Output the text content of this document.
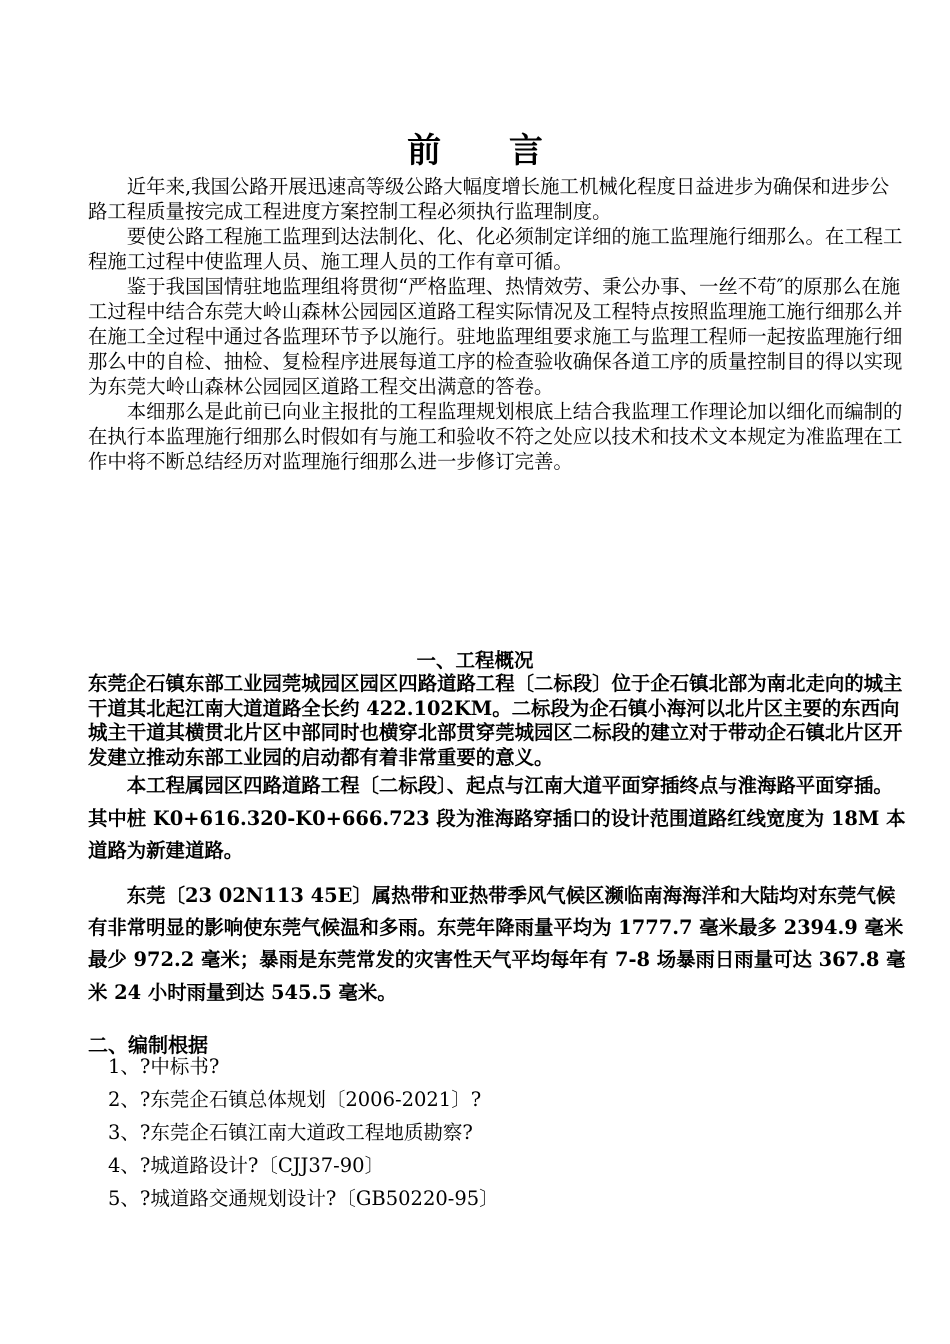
前 言

近年来,我国公路开展迅速高等级公路大幅度增长施工机械化程度日益进步为确保和进步公路工程质量按完成工程进度方案控制工程必须执行监理制度。

要使公路工程施工监理到达法制化、化、化必须制定详细的施工监理施行细那么。在工程工程施工过程中使监理人员、施工理人员的工作有章可循。

鉴于我国国情驻地监理组将贯彻“严格监理、热情效劳、秉公办事、一丝不苟″的原那么在施工过程中结合东莞大岭山森林公园园区道路工程实际情况及工程特点按照监理施工施行细那么并在施工全过程中通过各监理环节予以施行。驻地监理组要求施工与监理工程师一起按监理施行细那么中的自检、抽检、复检程序进展每道工序的检查验收确保各道工序的质量控制目的得以实现为东莞大岭山森林公园园区道路工程交出满意的答卷。

本细那么是此前已向业主报批的工程监理规划根底上结合我监理工作理论加以细化而编制的在执行本监理施行细那么时假如有与施工和验收不符之处应以技术和技术文本规定为准监理在工作中将不断总结经历对监理施行细那么进一步修订完善。

一、工程概况

东莞企石镇东部工业园莞城园区园区四路道路工程〔二标段〕位于企石镇北部为南北走向的城主干道其北起江南大道道路全长约 422.102KM。二标段为企石镇小海河以北片区主要的东西向城主干道其横贯北片区中部同时也横穿北部贯穿莞城园区二标段的建立对于带动企石镇北片区开发建立推动东部工业园的启动都有着非常重要的意义。

本工程属园区四路道路工程〔二标段〕、起点与江南大道平面穿插终点与淮海路平面穿插。其中桩 K0+616.320-K0+666.723 段为淮海路穿插口的设计范围道路红线宽度为 18M 本道路为新建道路。

东莞〔23 02N113 45E〕属热带和亚热带季风气候区濒临南海海洋和大陆均对东莞气候有非常明显的影响使东莞气候温和多雨。东莞年降雨量平均为 1777.7 毫米最多 2394.9 毫米最少 972.2 毫米；暴雨是东莞常发的灾害性天气平均每年有 7-8 场暴雨日雨量可达 367.8 毫米 24 小时雨量到达 545.5 毫米。

二、编制根据
1、?中标书?
2、?东莞企石镇总体规划〔2006-2021〕?
3、?东莞企石镇江南大道政工程地质勘察?
4、?城道路设计?〔CJJ37-90〕
5、?城道路交通规划设计?〔GB50220-95〕
